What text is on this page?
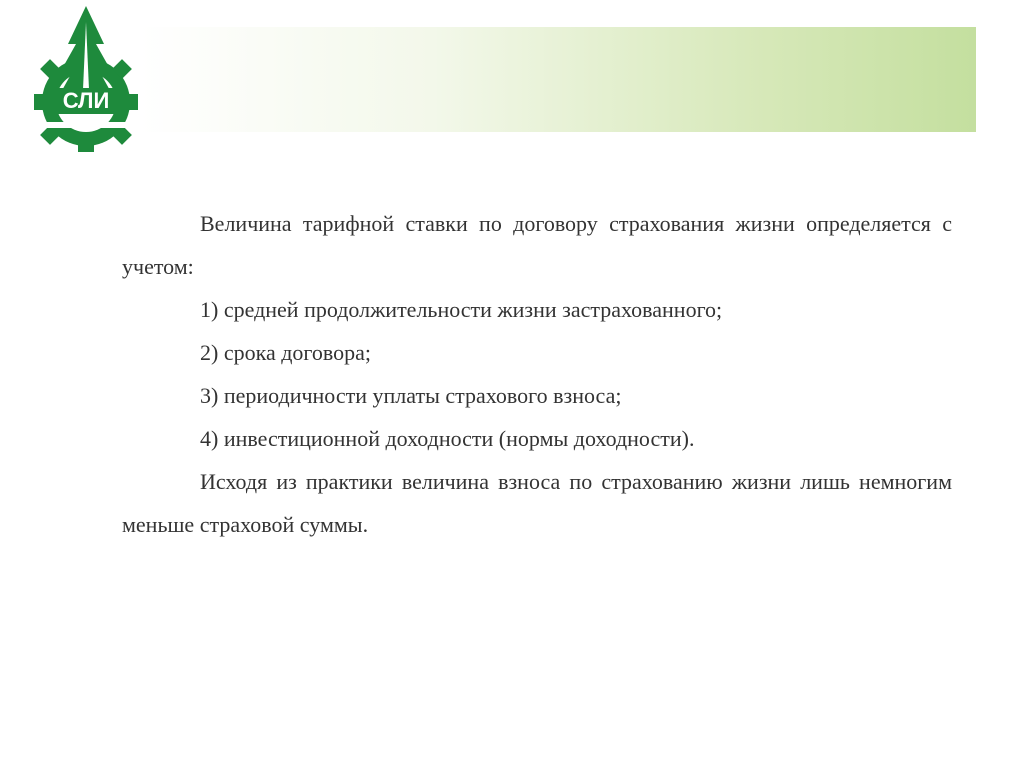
СЛИ

Величина тарифной ставки по договору страхования жизни определяется с учетом:

1) средней продолжительности жизни застрахованного;

2) срока договора;

3) периодичности уплаты страхового взноса;

4) инвестиционной доходности (нормы доходности).

Исходя из практики величина взноса по страхованию жизни лишь немногим меньше страховой суммы.
